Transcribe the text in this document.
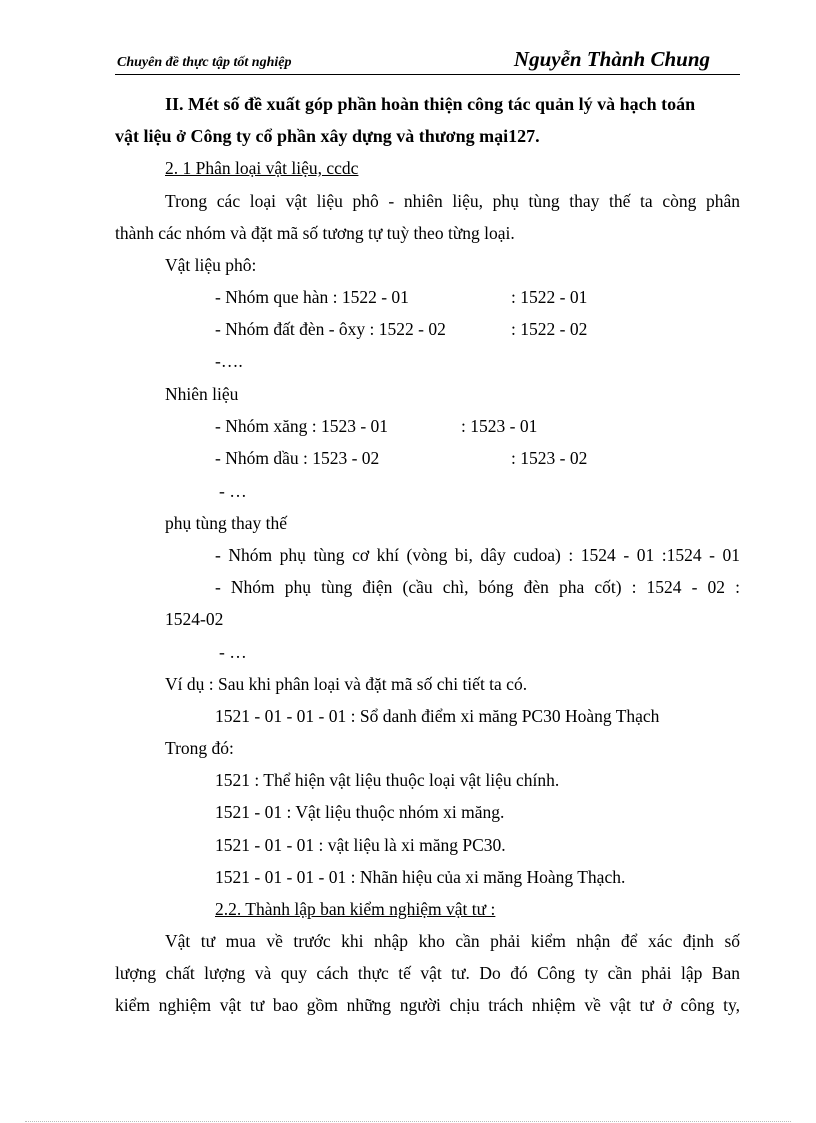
Chuyên đề thực tập tốt nghiệp	Nguyễn Thành Chung
II. Mét số đề xuất góp phần hoàn thiện công tác quản lý và hạch toán
vật liệu ở Công ty cổ phần xây dựng và thương mại127.
2. 1 Phân loại vật liệu, ccdc
Trong các loại vật liệu phô - nhiên liệu, phụ tùng thay thế ta còng phân
thành các nhóm và đặt mã số tương tự tuỳ theo từng loại.
Vật liệu phô:
- Nhóm que hàn : 1522 - 01	: 1522 - 01
- Nhóm đất đèn - ôxy : 1522 - 02	: 1522 - 02
-….
Nhiên liệu
- Nhóm xăng : 1523 - 01	: 1523 - 01
- Nhóm dầu : 1523 - 02	: 1523 - 02
- …
phụ tùng thay thế
- Nhóm phụ tùng cơ khí (vòng bi, dây cudoa) : 1524 - 01 :1524 - 01
- Nhóm phụ tùng điện (cầu chì, bóng đèn pha cốt) : 1524 - 02 :
1524-02
- …
Ví dụ : Sau khi phân loại và đặt mã số chi tiết ta có.
1521 - 01 - 01 - 01 : Sổ danh điểm xi măng PC30 Hoàng Thạch
Trong đó:
1521 : Thể hiện vật liệu thuộc loại vật liệu chính.
1521 - 01 : Vật liệu thuộc nhóm xi măng.
1521 - 01 - 01 : vật liệu là xi măng PC30.
1521 - 01 - 01 - 01 : Nhãn hiệu của xi măng Hoàng Thạch.
2.2. Thành lập ban kiểm nghiệm vật tư :
Vật tư mua về trước khi nhập kho cần phải kiểm nhận để xác định số
lượng chất lượng và quy cách thực tế vật tư. Do đó Công ty cần phải lập Ban
kiểm nghiệm vật tư bao gồm những người chịu trách nhiệm về vật tư ở công ty,
